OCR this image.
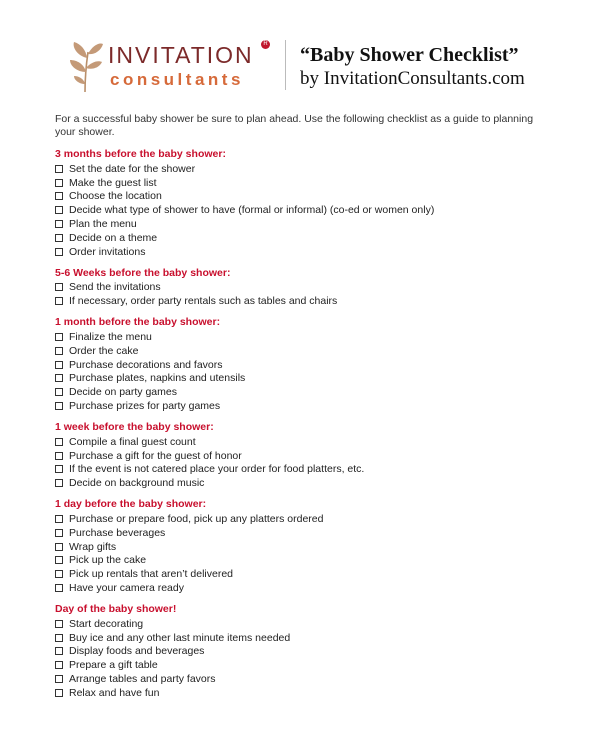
INVITATION	R
consultants
“Baby Shower Checklist”
by InvitationConsultants.com

For a successful baby shower be sure to plan ahead. Use the following checklist as a guide to planning your shower.

3 months before the baby shower:
Set the date for the shower
Make the guest list
Choose the location
Decide what type of shower to have (formal or informal) (co-ed or women only)
Plan the menu
Decide on a theme
Order invitations
5-6 Weeks before the baby shower:
Send the invitations
If necessary, order party rentals such as tables and chairs
1 month before the baby shower:
Finalize the menu
Order the cake
Purchase decorations and favors
Purchase plates, napkins and utensils
Decide on party games
Purchase prizes for party games
1 week before the baby shower:
Compile a final guest count
Purchase a gift for the guest of honor
If the event is not catered place your order for food platters, etc.
Decide on background music
1 day before the baby shower:
Purchase or prepare food, pick up any platters ordered
Purchase beverages
Wrap gifts
Pick up the cake
Pick up rentals that aren’t delivered
Have your camera ready
Day of the baby shower!
Start decorating
Buy ice and any other last minute items needed
Display foods and beverages
Prepare a gift table
Arrange tables and party favors
Relax and have fun
